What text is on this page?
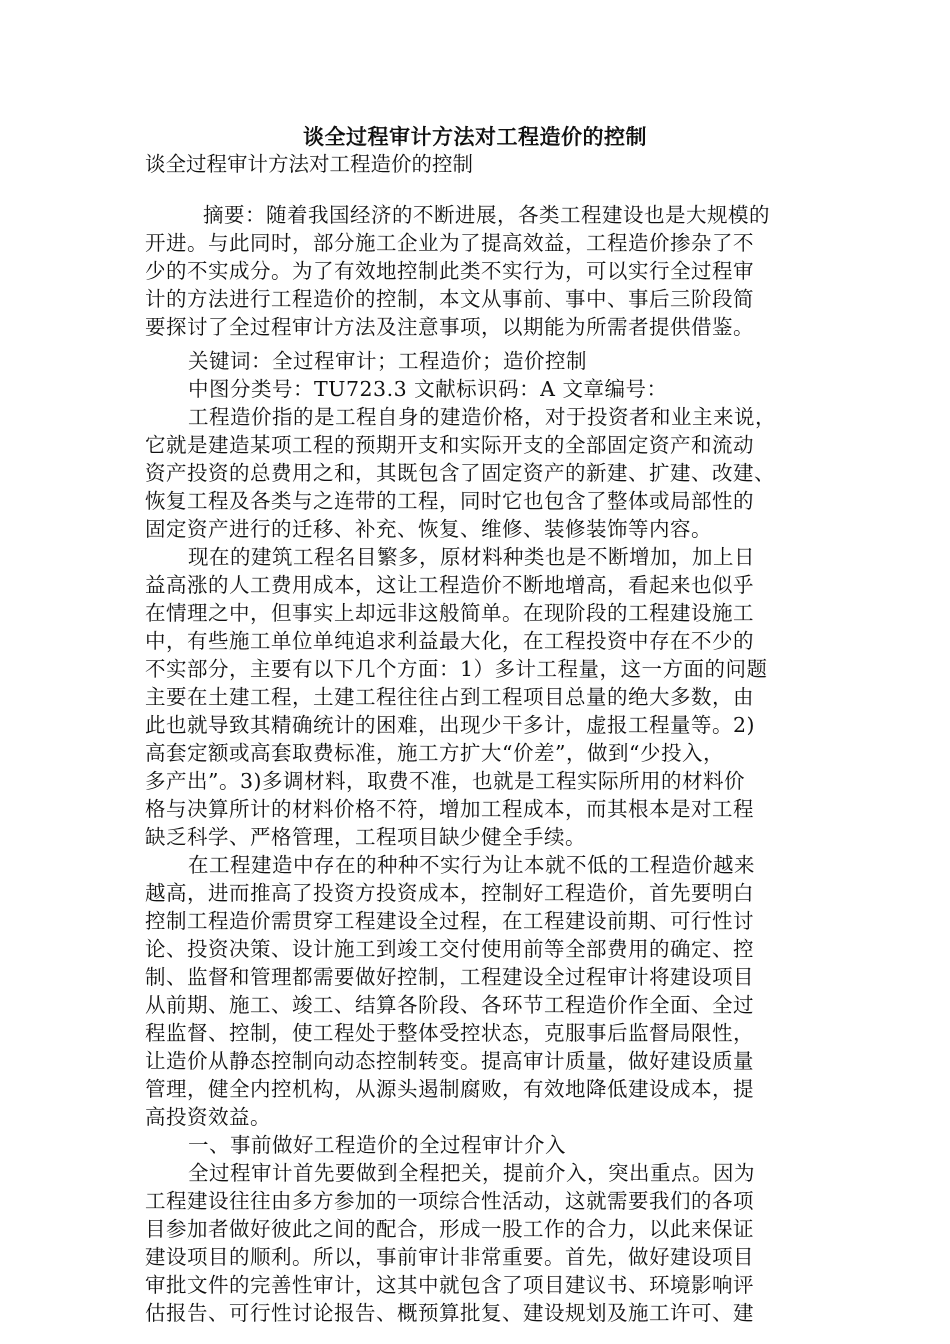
谈全过程审计方法对工程造价的控制
谈全过程审计方法对工程造价的控制
摘要：随着我国经济的不断进展，各类工程建设也是大规模的
开进。与此同时，部分施工企业为了提高效益，工程造价掺杂了不
少的不实成分。为了有效地控制此类不实行为，可以实行全过程审
计的方法进行工程造价的控制，本文从事前、事中、事后三阶段简
要探讨了全过程审计方法及注意事项，以期能为所需者提供借鉴。
关键词：全过程审计；工程造价；造价控制
中图分类号：TU723.3 文献标识码：A 文章编号：
工程造价指的是工程自身的建造价格，对于投资者和业主来说，
它就是建造某项工程的预期开支和实际开支的全部固定资产和流动
资产投资的总费用之和，其既包含了固定资产的新建、扩建、改建、
恢复工程及各类与之连带的工程，同时它也包含了整体或局部性的
固定资产进行的迁移、补充、恢复、维修、装修装饰等内容。
现在的建筑工程名目繁多，原材料种类也是不断增加，加上日
益高涨的人工费用成本，这让工程造价不断地增高，看起来也似乎
在情理之中，但事实上却远非这般简单。在现阶段的工程建设施工
中，有些施工单位单纯追求利益最大化，在工程投资中存在不少的
不实部分，主要有以下几个方面：1）多计工程量，这一方面的问题
主要在土建工程，土建工程往往占到工程项目总量的绝大多数，由
此也就导致其精确统计的困难，出现少干多计，虚报工程量等。2)
高套定额或高套取费标准，施工方扩大“价差”，做到“少投入，
多产出”。3)多调材料，取费不准，也就是工程实际所用的材料价
格与决算所计的材料价格不符，增加工程成本，而其根本是对工程
缺乏科学、严格管理，工程项目缺少健全手续。
在工程建造中存在的种种不实行为让本就不低的工程造价越来
越高，进而推高了投资方投资成本，控制好工程造价，首先要明白
控制工程造价需贯穿工程建设全过程，在工程建设前期、可行性讨
论、投资决策、设计施工到竣工交付使用前等全部费用的确定、控
制、监督和管理都需要做好控制，工程建设全过程审计将建设项目
从前期、施工、竣工、结算各阶段、各环节工程造价作全面、全过
程监督、控制，使工程处于整体受控状态，克服事后监督局限性，
让造价从静态控制向动态控制转变。提高审计质量，做好建设质量
管理，健全内控机构，从源头遏制腐败，有效地降低建设成本，提
高投资效益。
一、事前做好工程造价的全过程审计介入
全过程审计首先要做到全程把关，提前介入，突出重点。因为
工程建设往往由多方参加的一项综合性活动，这就需要我们的各项
目参加者做好彼此之间的配合，形成一股工作的合力，以此来保证
建设项目的顺利。所以，事前审计非常重要。首先，做好建设项目
审批文件的完善性审计，这其中就包含了项目建议书、环境影响评
估报告、可行性讨论报告、概预算批复、建设规划及施工许可、建
